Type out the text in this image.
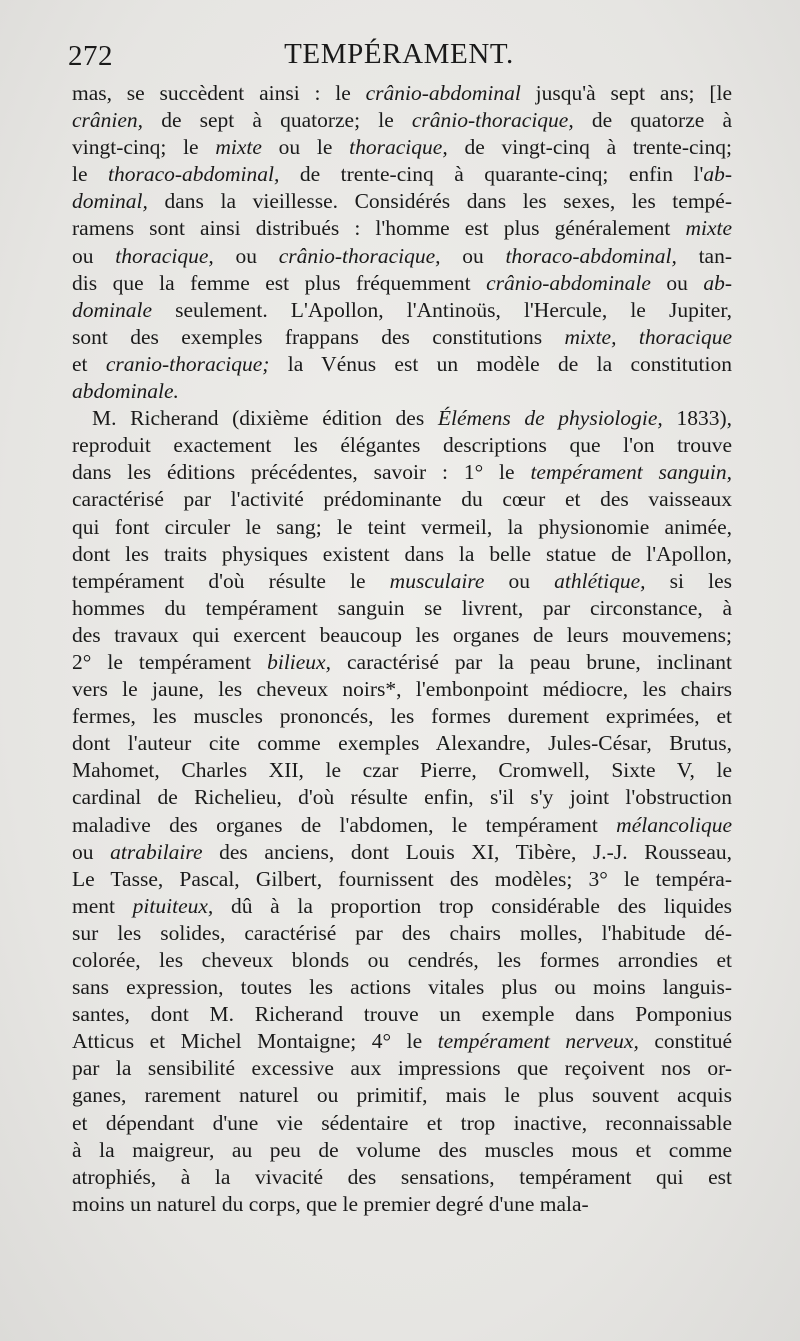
272	TEMPÉRAMENT.
mas, se succèdent ainsi : le crânio-abdominal jusqu'à sept ans; [le
crânien, de sept à quatorze; le crânio-thoracique, de quatorze à
vingt-cinq; le mixte ou le thoracique, de vingt-cinq à trente-cinq;
le thoraco-abdominal, de trente-cinq à quarante-cinq; enfin l'ab-
dominal, dans la vieillesse. Considérés dans les sexes, les tempé-
ramens sont ainsi distribués : l'homme est plus généralement mixte
ou thoracique, ou crânio-thoracique, ou thoraco-abdominal, tan-
dis que la femme est plus fréquemment crânio-abdominale ou ab-
dominale seulement. L'Apollon, l'Antinoüs, l'Hercule, le Jupiter,
sont des exemples frappans des constitutions mixte, thoracique
et cranio-thoracique; la Vénus est un modèle de la constitution
abdominale.
M. Richerand (dixième édition des Élémens de physiologie, 1833),
reproduit exactement les élégantes descriptions que l'on trouve
dans les éditions précédentes, savoir : 1° le tempérament sanguin,
caractérisé par l'activité prédominante du cœur et des vaisseaux
qui font circuler le sang; le teint vermeil, la physionomie animée,
dont les traits physiques existent dans la belle statue de l'Apollon,
tempérament d'où résulte le musculaire ou athlétique, si les
hommes du tempérament sanguin se livrent, par circonstance, à
des travaux qui exercent beaucoup les organes de leurs mouvemens;
2° le tempérament bilieux, caractérisé par la peau brune, inclinant
vers le jaune, les cheveux noirs*, l'embonpoint médiocre, les chairs
fermes, les muscles prononcés, les formes durement exprimées, et
dont l'auteur cite comme exemples Alexandre, Jules-César, Brutus,
Mahomet, Charles XII, le czar Pierre, Cromwell, Sixte V, le
cardinal de Richelieu, d'où résulte enfin, s'il s'y joint l'obstruction
maladive des organes de l'abdomen, le tempérament mélancolique
ou atrabilaire des anciens, dont Louis XI, Tibère, J.-J. Rousseau,
Le Tasse, Pascal, Gilbert, fournissent des modèles; 3° le tempéra-
ment pituiteux, dû à la proportion trop considérable des liquides
sur les solides, caractérisé par des chairs molles, l'habitude dé-
colorée, les cheveux blonds ou cendrés, les formes arrondies et
sans expression, toutes les actions vitales plus ou moins languis-
santes, dont M. Richerand trouve un exemple dans Pomponius
Atticus et Michel Montaigne; 4° le tempérament nerveux, constitué
par la sensibilité excessive aux impressions que reçoivent nos or-
ganes, rarement naturel ou primitif, mais le plus souvent acquis
et dépendant d'une vie sédentaire et trop inactive, reconnaissable
à la maigreur, au peu de volume des muscles mous et comme
atrophiés, à la vivacité des sensations, tempérament qui est
moins un naturel du corps, que le premier degré d'une mala-
